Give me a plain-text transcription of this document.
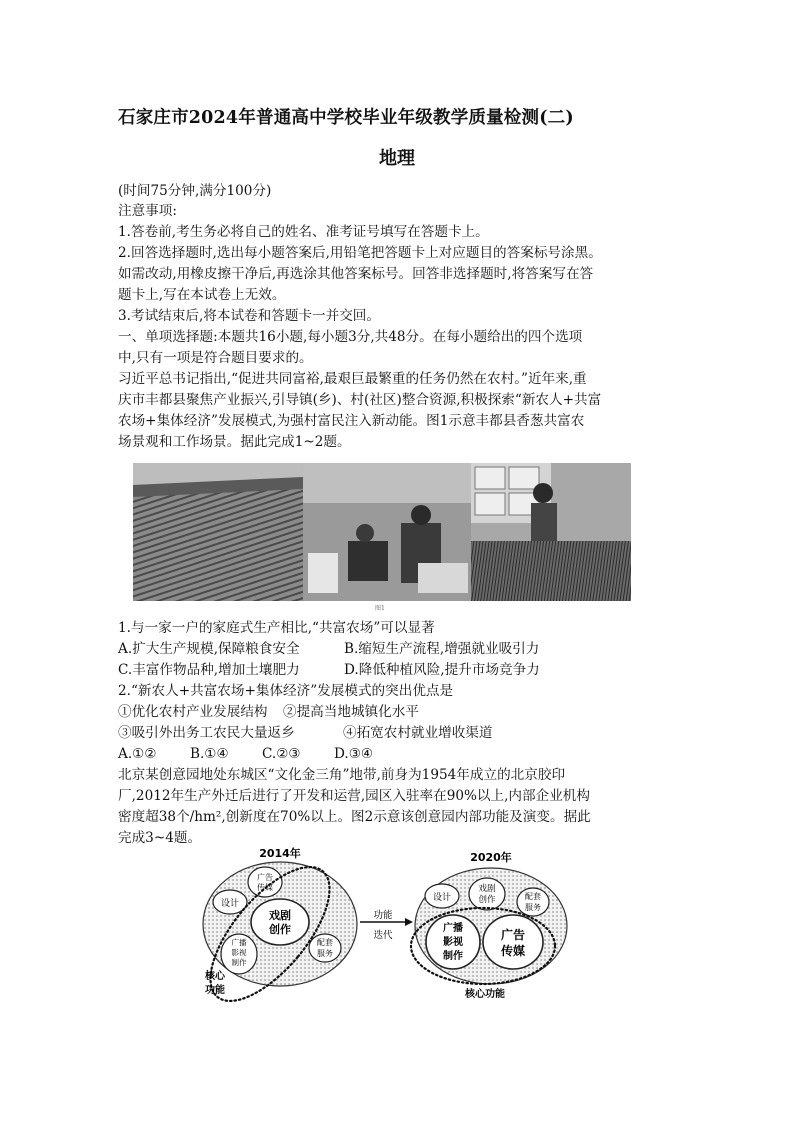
石家庄市2024年普通高中学校毕业年级教学质量检测(二)
地理
(时间75分钟,满分100分)
注意事项:
1.答卷前,考生务必将自己的姓名、准考证号填写在答题卡上。
2.回答选择题时,选出每小题答案后,用铅笔把答题卡上对应题目的答案标号涂黑。
如需改动,用橡皮擦干净后,再选涂其他答案标号。回答非选择题时,将答案写在答
题卡上,写在本试卷上无效。
3.考试结束后,将本试卷和答题卡一并交回。
一、单项选择题:本题共16小题,每小题3分,共48分。在每小题给出的四个选项
中,只有一项是符合题目要求的。
习近平总书记指出,“促进共同富裕,最艰巨最繁重的任务仍然在农村。”近年来,重
庆市丰都县聚焦产业振兴,引导镇(乡)、村(社区)整合资源,积极探索“新农人+共富
农场+集体经济”发展模式,为强村富民注入新动能。图1示意丰都县香葱共富农
场景观和工作场景。据此完成1~2题。
图1
1.与一家一户的家庭式生产相比,“共富农场”可以显著
A.扩大生产规模,保障粮食安全	B.缩短生产流程,增强就业吸引力
C.丰富作物品种,增加土壤肥力	D.降低种植风险,提升市场竞争力
2.“新农人+共富农场+集体经济”发展模式的突出优点是
①优化农村产业发展结构 ②提高当地城镇化水平
③吸引外出务工农民大量返乡	④拓宽农村就业增收渠道
A.①② B.①④ C.②③ D.③④
北京某创意园地处东城区“文化金三角”地带,前身为1954年成立的北京胶印
厂,2012年生产外迁后进行了开发和运营,园区入驻率在90%以上,内部企业机构
密度超38个/hm²,创新度在70%以上。图2示意该创意园内部功能及演变。据此
完成3~4题。
2014年
广告
传媒
设计
戏剧
创作
广播
影视
制作
配套
服务
核心
功能
功能
迭代
2020年
设计
戏剧
创作	配套
服务
广播
影视
制作
广告
传媒
核心功能
